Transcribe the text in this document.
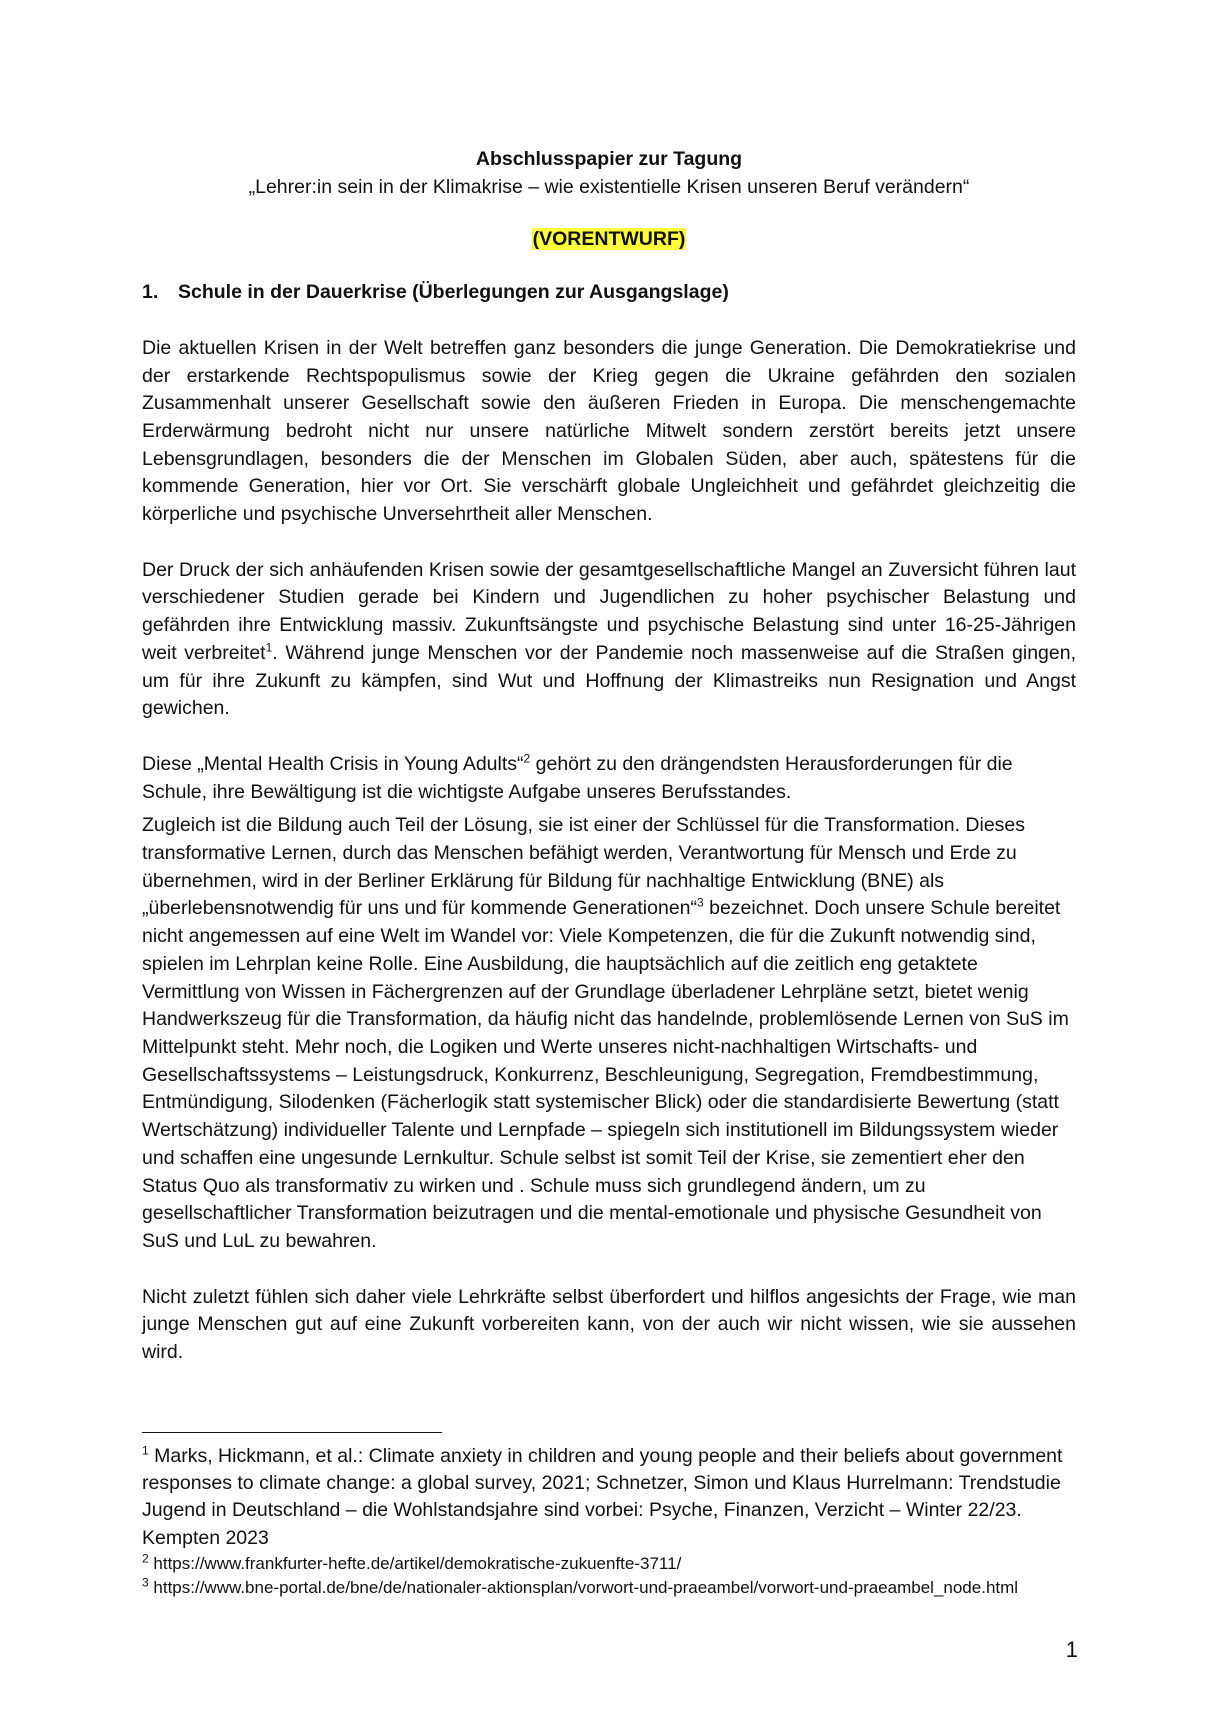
Abschlusspapier zur Tagung

„Lehrer:in sein in der Klimakrise – wie existentielle Krisen unseren Beruf verändern“

(VORENTWURF)
1.	Schule in der Dauerkrise (Überlegungen zur Ausgangslage)

Die aktuellen Krisen in der Welt betreffen ganz besonders die junge Generation. Die Demokratiekrise und der erstarkende Rechtspopulismus sowie der Krieg gegen die Ukraine gefährden den sozialen Zusammenhalt unserer Gesellschaft sowie den äußeren Frieden in Europa. Die menschengemachte Erderwärmung bedroht nicht nur unsere natürliche Mitwelt sondern zerstört bereits jetzt unsere Lebensgrundlagen, besonders die der Menschen im Globalen Süden, aber auch, spätestens für die kommende Generation, hier vor Ort. Sie verschärft globale Ungleichheit und gefährdet gleichzeitig die körperliche und psychische Unversehrtheit aller Menschen.

Der Druck der sich anhäufenden Krisen sowie der gesamtgesellschaftliche Mangel an Zuversicht führen laut verschiedener Studien gerade bei Kindern und Jugendlichen zu hoher psychischer Belastung und gefährden ihre Entwicklung massiv. Zukunftsängste und psychische Belastung sind unter 16-25-Jährigen weit verbreitet$^1$. Während junge Menschen vor der Pandemie noch massenweise auf die Straßen gingen, um für ihre Zukunft zu kämpfen, sind Wut und Hoffnung der Klimastreiks nun Resignation und Angst gewichen.

Diese „Mental Health Crisis in Young Adults“$^2$ gehört zu den drängendsten Herausforderungen für die Schule, ihre Bewältigung ist die wichtigste Aufgabe unseres Berufsstandes.

Zugleich ist die Bildung auch Teil der Lösung, sie ist einer der Schlüssel für die Transformation. Dieses transformative Lernen, durch das Menschen befähigt werden, Verantwortung für Mensch und Erde zu übernehmen, wird in der Berliner Erklärung für Bildung für nachhaltige Entwicklung (BNE) als „überlebensnotwendig für uns und für kommende Generationen“$^3$ bezeichnet. Doch unsere Schule bereitet nicht angemessen auf eine Welt im Wandel vor: Viele Kompetenzen, die für die Zukunft notwendig sind, spielen im Lehrplan keine Rolle. Eine Ausbildung, die hauptsächlich auf die zeitlich eng getaktete Vermittlung von Wissen in Fächergrenzen auf der Grundlage überladener Lehrpläne setzt, bietet wenig Handwerkszeug für die Transformation, da häufig nicht das handelnde, problemlösende Lernen von SuS im Mittelpunkt steht. Mehr noch, die Logiken und Werte unseres nicht-nachhaltigen Wirtschafts- und Gesellschaftssystems – Leistungsdruck, Konkurrenz, Beschleunigung, Segregation, Fremdbestimmung, Entmündigung, Silodenken (Fächerlogik statt systemischer Blick) oder die standardisierte Bewertung (statt Wertschätzung) individueller Talente und Lernpfade – spiegeln sich institutionell im Bildungssystem wieder und schaffen eine ungesunde Lernkultur. Schule selbst ist somit Teil der Krise, sie zementiert eher den Status Quo als transformativ zu wirken und . Schule muss sich grundlegend ändern, um zu gesellschaftlicher Transformation beizutragen und die mental-emotionale und physische Gesundheit von SuS und LuL zu bewahren.

Nicht zuletzt fühlen sich daher viele Lehrkräfte selbst überfordert und hilflos angesichts der Frage, wie man junge Menschen gut auf eine Zukunft vorbereiten kann, von der auch wir nicht wissen, wie sie aussehen wird.

$^1$ Marks, Hickmann, et al.: Climate anxiety in children and young people and their beliefs about government responses to climate change: a global survey, 2021; Schnetzer, Simon und Klaus Hurrelmann: Trendstudie Jugend in Deutschland – die Wohlstandsjahre sind vorbei: Psyche, Finanzen, Verzicht – Winter 22/23. Kempten 2023

$^2$ https://www.frankfurter-hefte.de/artikel/demokratische-zukuenfte-3711/

$^3$ https://www.bne-portal.de/bne/de/nationaler-aktionsplan/vorwort-und-praeambel/vorwort-und-praeambel_node.html

1
